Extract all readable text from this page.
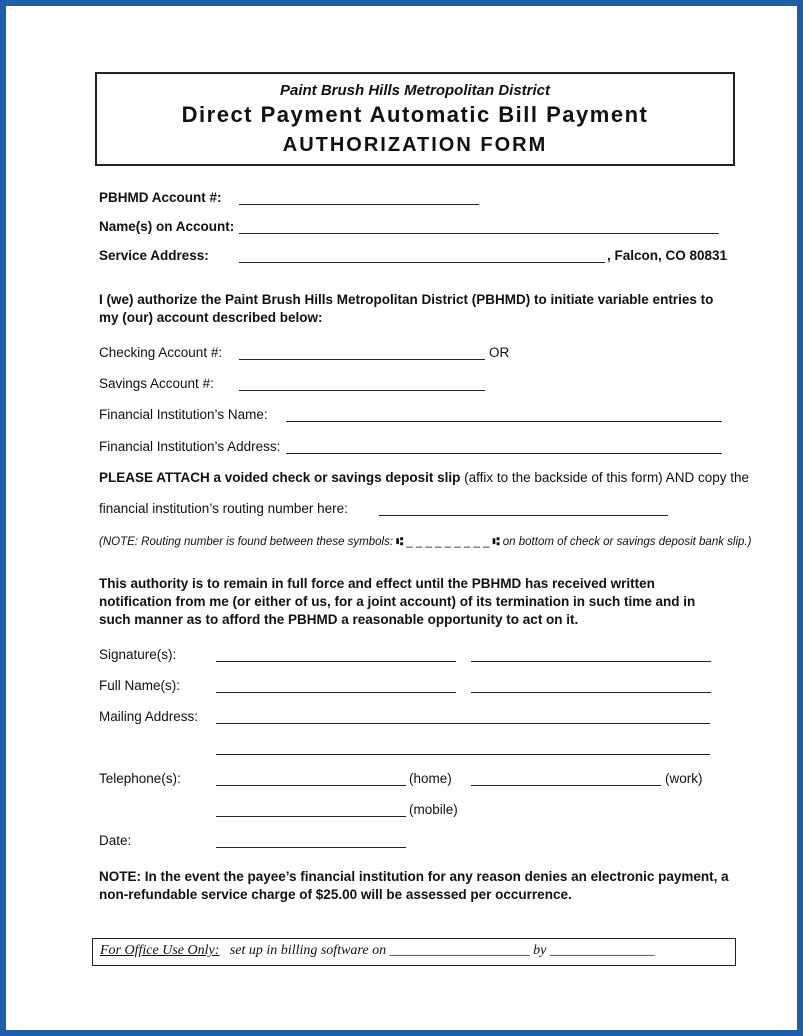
Paint Brush Hills Metropolitan District
Direct Payment Automatic Bill Payment
AUTHORIZATION FORM
PBHMD Account #:
Name(s) on Account:
Service Address:	, Falcon, CO 80831
I (we) authorize the Paint Brush Hills Metropolitan District (PBHMD) to initiate variable entries to my (our) account described below:
Checking Account #:	OR
Savings Account #:
Financial Institution’s Name:
Financial Institution’s Address:
PLEASE ATTACH a voided check or savings deposit slip (affix to the backside of this form) AND copy the
financial institution’s routing number here:
(NOTE: Routing number is found between these symbols: ⑆ _ _ _ _ _ _ _ _ _ ⑆ on bottom of check or savings deposit bank slip.)
This authority is to remain in full force and effect until the PBHMD has received written notification from me (or either of us, for a joint account) of its termination in such time and in such manner as to afford the PBHMD a reasonable opportunity to act on it.
Signature(s):
Full Name(s):
Mailing Address:
Telephone(s):	(home)	(work)
(mobile)
Date:
NOTE: In the event the payee’s financial institution for any reason denies an electronic payment, a non-refundable service charge of $25.00 will be assessed per occurrence.
For Office Use Only: set up in billing software on ____________________ by _______________
